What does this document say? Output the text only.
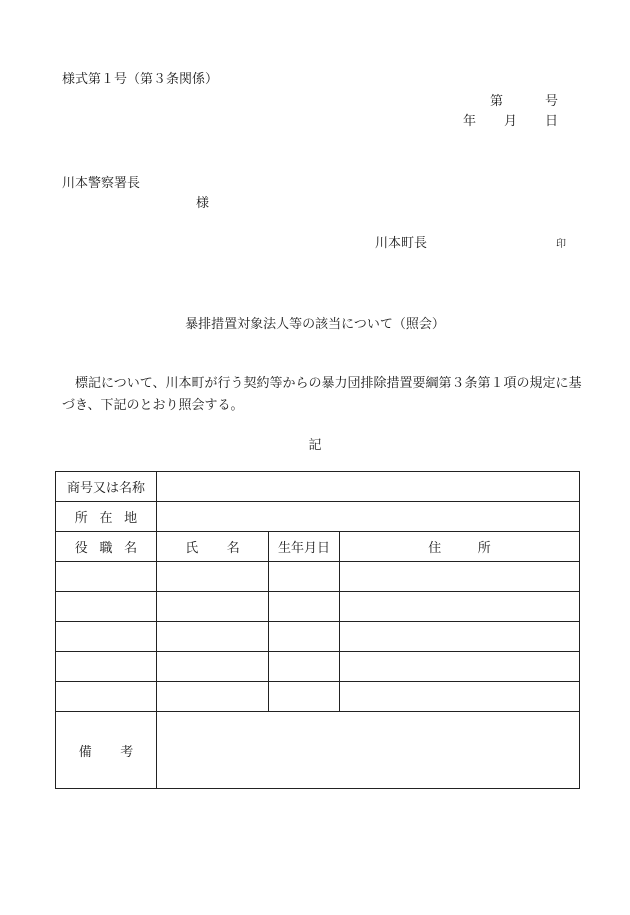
様式第１号（第３条関係）
第	号
年 月 日
川本警察署長
様
川本町長	印
暴排措置対象法人等の該当について（照会）
　標記について、川本町が行う契約等からの暴力団排除措置要綱第３条第１項の規定に基づき、下記のとおり照会する。
記
商号又は名称			
所在地			
役職名	氏名	生年月日	住所

備考			
